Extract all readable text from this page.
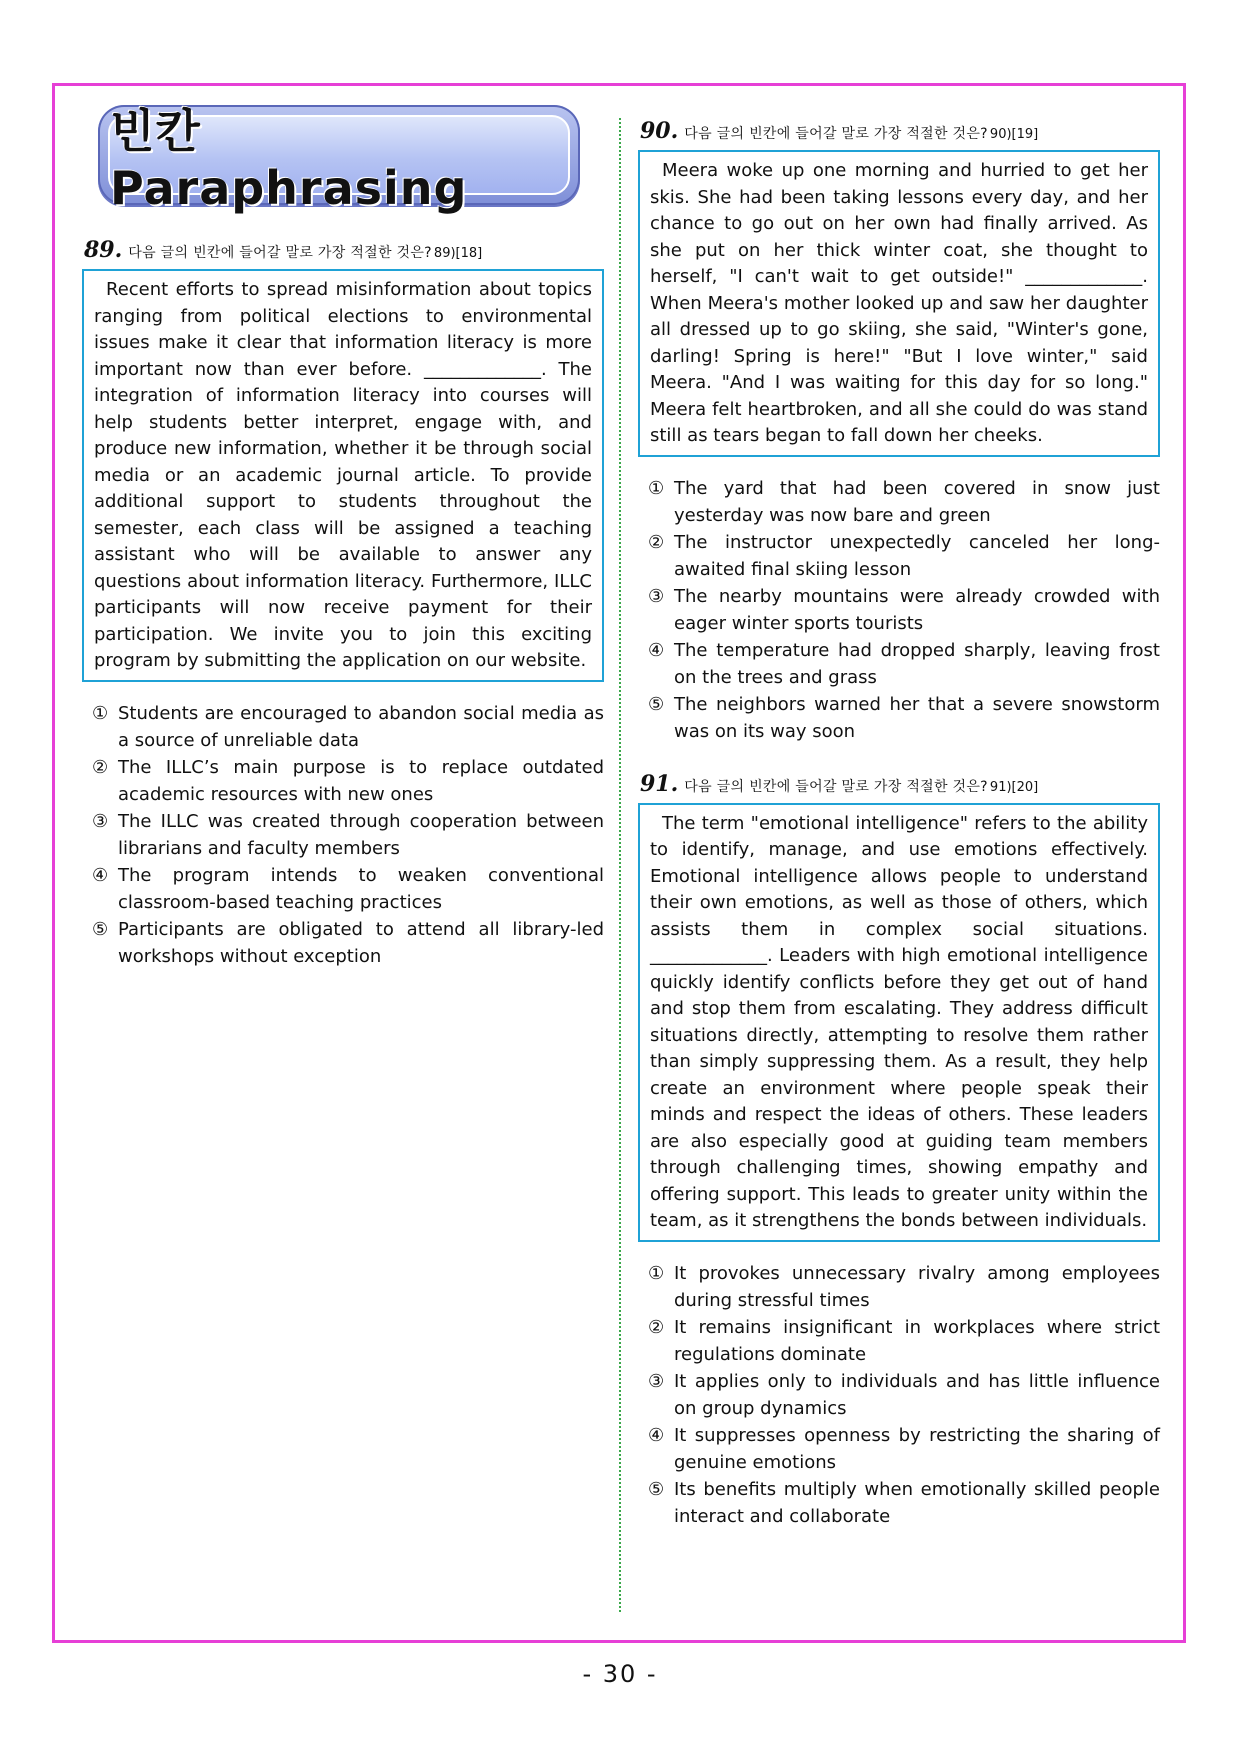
빈칸 Paraphrasing
89. 다음 글의 빈칸에 들어갈 말로 가장 적절한 것은? 89)[18]
Recent efforts to spread misinformation about topics ranging from political elections to environmental issues make it clear that information literacy is more important now than ever before. _____________. The integration of information literacy into courses will help students better interpret, engage with, and produce new information, whether it be through social media or an academic journal article. To provide additional support to students throughout the semester, each class will be assigned a teaching assistant who will be available to answer any questions about information literacy. Furthermore, ILLC participants will now receive payment for their participation. We invite you to join this exciting program by submitting the application on our website.
① Students are encouraged to abandon social media as a source of unreliable data
② The ILLC’s main purpose is to replace outdated academic resources with new ones
③ The ILLC was created through cooperation between librarians and faculty members
④ The program intends to weaken conventional classroom-based teaching practices
⑤ Participants are obligated to attend all library-led workshops without exception
90. 다음 글의 빈칸에 들어갈 말로 가장 적절한 것은? 90)[19]
Meera woke up one morning and hurried to get her skis. She had been taking lessons every day, and her chance to go out on her own had finally arrived. As she put on her thick winter coat, she thought to herself, "I can't wait to get outside!" _____________. When Meera's mother looked up and saw her daughter all dressed up to go skiing, she said, "Winter's gone, darling! Spring is here!" "But I love winter," said Meera. "And I was waiting for this day for so long." Meera felt heartbroken, and all she could do was stand still as tears began to fall down her cheeks.
① The yard that had been covered in snow just yesterday was now bare and green
② The instructor unexpectedly canceled her long-awaited final skiing lesson
③ The nearby mountains were already crowded with eager winter sports tourists
④ The temperature had dropped sharply, leaving frost on the trees and grass
⑤ The neighbors warned her that a severe snowstorm was on its way soon
91. 다음 글의 빈칸에 들어갈 말로 가장 적절한 것은? 91)[20]
The term "emotional intelligence" refers to the ability to identify, manage, and use emotions effectively. Emotional intelligence allows people to understand their own emotions, as well as those of others, which assists them in complex social situations. _____________. Leaders with high emotional intelligence quickly identify conflicts before they get out of hand and stop them from escalating. They address difficult situations directly, attempting to resolve them rather than simply suppressing them. As a result, they help create an environment where people speak their minds and respect the ideas of others. These leaders are also especially good at guiding team members through challenging times, showing empathy and offering support. This leads to greater unity within the team, as it strengthens the bonds between individuals.
① It provokes unnecessary rivalry among employees during stressful times
② It remains insignificant in workplaces where strict regulations dominate
③ It applies only to individuals and has little influence on group dynamics
④ It suppresses openness by restricting the sharing of genuine emotions
⑤ Its benefits multiply when emotionally skilled people interact and collaborate
- 30 -
